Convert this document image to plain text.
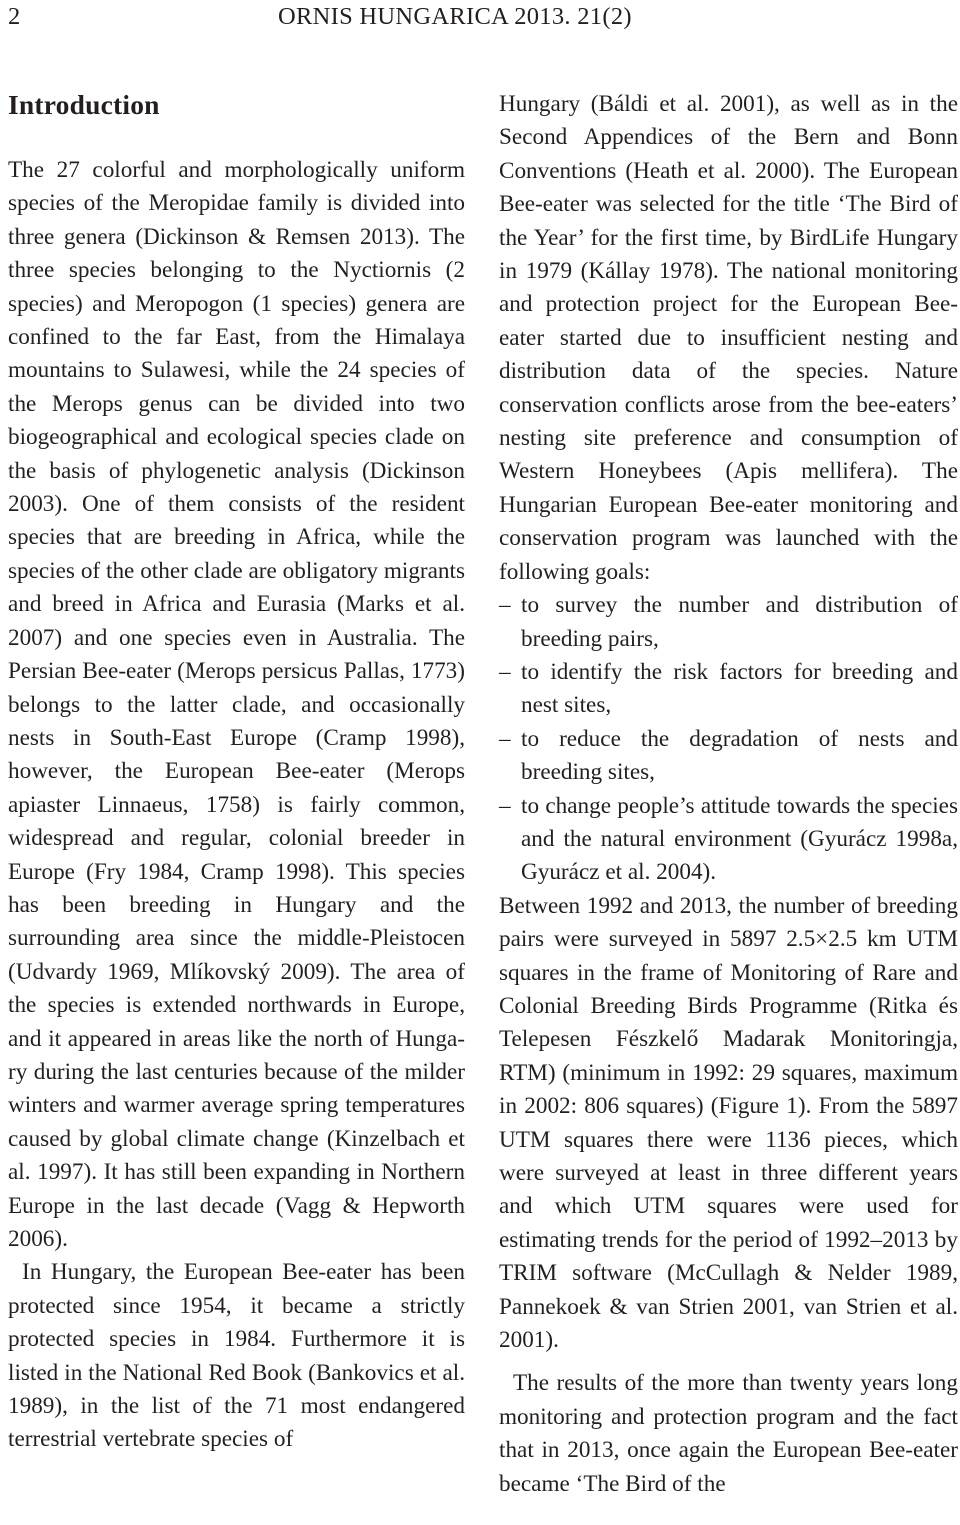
2	ORNIS HUNGARICA 2013. 21(2)
Introduction

The 27 colorful and morphologically uniform species of the Meropidae family is divided into three genera (Dickinson & Remsen 2013). The three species belonging to the Nyctiornis (2 species) and Meropogon (1 species) genera are confined to the far East, from the Himalaya mountains to Sulawesi, while the 24 species of the Merops genus can be divided into two biogeographical and ecological species clade on the basis of phylogenetic analysis (Dickinson 2003). One of them consists of the resident species that are breeding in Africa, while the species of the other clade are obligatory migrants and breed in Africa and Eurasia (Marks et al. 2007) and one species even in Australia. The Persian Bee-eater (Merops persicus Pallas, 1773) belongs to the latter clade, and occasionally nests in South-East Europe (Cramp 1998), however, the European Bee-eater (Merops apiaster Linnaeus, 1758) is fairly common, widespread and regular, colonial breeder in Europe (Fry 1984, Cramp 1998). This species has been breeding in Hungary and the surrounding area since the middle-Pleistocen (Udvardy 1969, Mlíkovský 2009). The area of the species is extended northwards in Europe, and it appeared in areas like the north of Hungary during the last centuries because of the milder winters and warmer average spring temperatures caused by global climate change (Kinzelbach et al. 1997). It has still been expanding in Northern Europe in the last decade (Vagg & Hepworth 2006).

In Hungary, the European Bee-eater has been protected since 1954, it became a strictly protected species in 1984. Furthermore it is listed in the National Red Book (Bankovics et al. 1989), in the list of the 71 most endangered terrestrial vertebrate species of

Hungary (Báldi et al. 2001), as well as in the Second Appendices of the Bern and Bonn Conventions (Heath et al. 2000). The European Bee-eater was selected for the title ʻThe Bird of the Year’ for the first time, by BirdLife Hungary in 1979 (Kállay 1978). The national monitoring and protection project for the European Bee-eater started due to insufficient nesting and distribution data of the species. Nature conservation conflicts arose from the bee-eaters’ nesting site preference and consumption of Western Honeybees (Apis mellifera). The Hungarian European Bee-eater monitoring and conservation program was launched with the following goals:

– to survey the number and distribution of breeding pairs,
– to identify the risk factors for breeding and nest sites,
– to reduce the degradation of nests and breeding sites,
– to change people’s attitude towards the species and the natural environment (Gyurácz 1998a, Gyurácz et al. 2004).

Between 1992 and 2013, the number of breeding pairs were surveyed in 5897 2.5×2.5 km UTM squares in the frame of Monitoring of Rare and Colonial Breeding Birds Programme (Ritka és Telepesen Fészkelő Madarak Monitoringja, RTM) (minimum in 1992: 29 squares, maximum in 2002: 806 squares) (Figure 1). From the 5897 UTM squares there were 1136 pieces, which were surveyed at least in three different years and which UTM squares were used for estimating trends for the period of 1992–2013 by TRIM software (McCullagh & Nelder 1989, Pannekoek & van Strien 2001, van Strien et al. 2001).

The results of the more than twenty years long monitoring and protection program and the fact that in 2013, once again the European Bee-eater became ʻThe Bird of the
